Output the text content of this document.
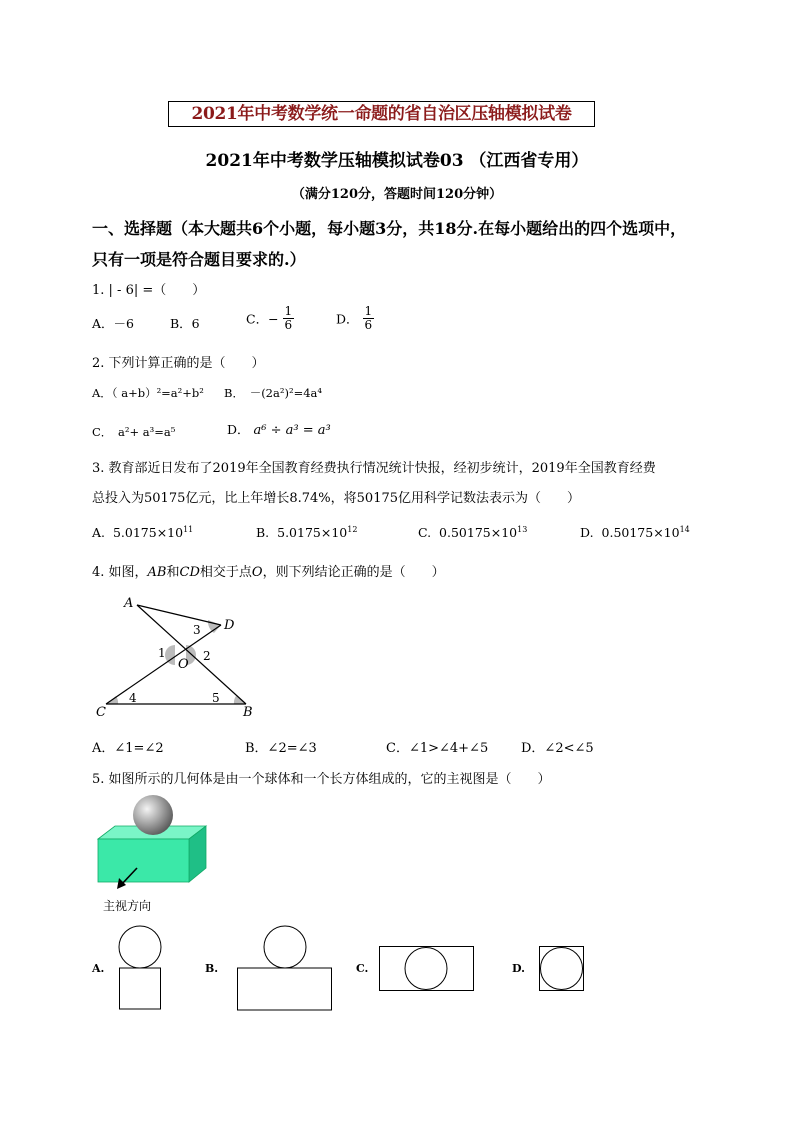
2021年中考数学统一命题的省自治区压轴模拟试卷
2021年中考数学压轴模拟试卷03 （江西省专用）
（满分120分，答题时间120分钟）
一、选择题（本大题共6个小题，每小题3分，共18分.在每小题给出的四个选项中，只有一项是符合题目要求的.）
1. | - 6| =（　　）
A．－6	B．6	C．− $\frac{1}{6}$	D． $\frac{1}{6}$
2. 下列计算正确的是（　　）
A．（ a+b）²=a²+b² B．　－(2a²)²=4a⁴
C．　a²+ a³=a⁵	D． a⁶ ÷ a³ = a³
3. 教育部近日发布了2019年全国教育经费执行情况统计快报，经初步统计，2019年全国教育经费
总投入为50175亿元，比上年增长8.74%，将50175亿用科学记数法表示为（　　）
A. $5.0175\times 10^{11}$	B. $5.0175\times 10^{12}$	C. $0.50175\times 10^{13}$	D. $0.50175\times 10^{14}$
4. 如图，AB和CD相交于点O，则下列结论正确的是（　　）
A
D
C	B
O
1	2
3
4	5
A．∠1=∠2	B．∠2=∠3	C．∠1>∠4+∠5	D．∠2<∠5
5. 如图所示的几何体是由一个球体和一个长方体组成的，它的主视图是（　　）
主视方向
A.	B.	C.	D.
